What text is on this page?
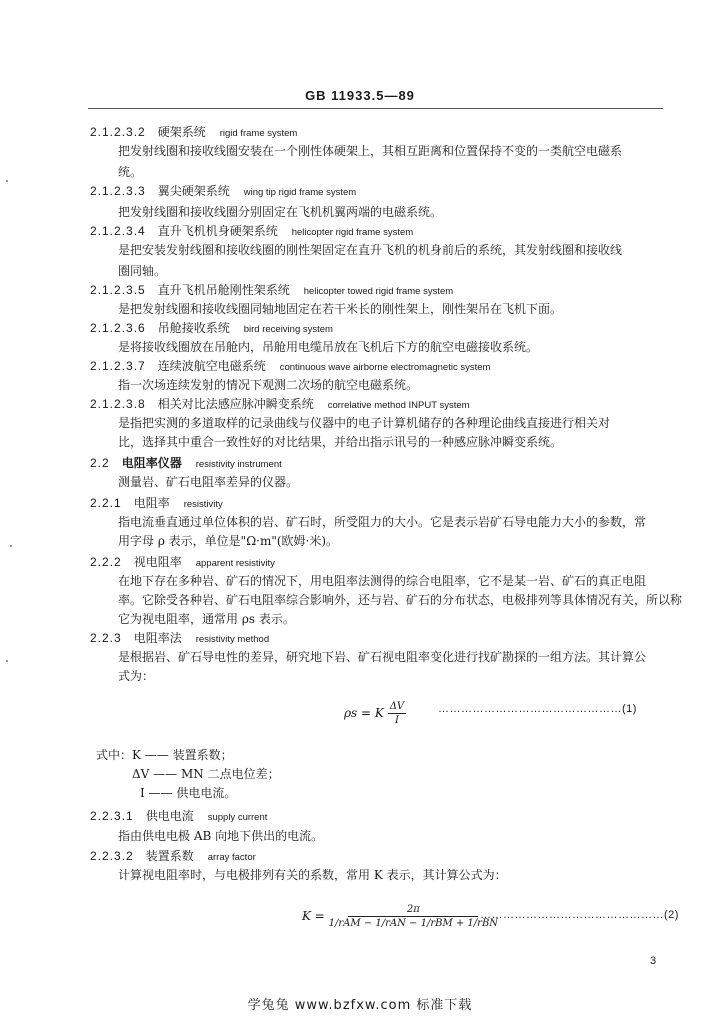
GB 11933.5—89
2.1.2.3.2  硬架系统 rigid frame system
把发射线圈和接收线圈安装在一个刚性体硬架上，其相互距离和位置保持不变的一类航空电磁系
统。
2.1.2.3.3  翼尖硬架系统 wing tip rigid frame system
把发射线圈和接收线圈分别固定在飞机机翼两端的电磁系统。
2.1.2.3.4  直升飞机机身硬架系统 helicopter rigid frame system
是把安装发射线圈和接收线圈的刚性架固定在直升飞机的机身前后的系统，其发射线圈和接收线
圈同轴。
2.1.2.3.5  直升飞机吊舱刚性架系统 helicopter towed rigid frame system
是把发射线圈和接收线圈同轴地固定在若干米长的刚性架上，刚性架吊在飞机下面。
2.1.2.3.6  吊舱接收系统 bird receiving system
是将接收线圈放在吊舱内，吊舱用电缆吊放在飞机后下方的航空电磁接收系统。
2.1.2.3.7  连续波航空电磁系统 continuous wave airborne electromagnetic system
指一次场连续发射的情况下观测二次场的航空电磁系统。
2.1.2.3.8  相关对比法感应脉冲瞬变系统 correlative method INPUT system
是指把实测的多道取样的记录曲线与仪器中的电子计算机储存的各种理论曲线直接进行相关对
比，选择其中重合一致性好的对比结果，并给出指示讯号的一种感应脉冲瞬变系统。
2.2  电阻率仪器 resistivity instrument
测量岩、矿石电阻率差异的仪器。
2.2.1  电阻率 resistivity
指电流垂直通过单位体积的岩、矿石时，所受阻力的大小。它是表示岩矿石导电能力大小的参数，常
用字母 ρ 表示，单位是"Ω·m"(欧姆·米)。
2.2.2  视电阻率 apparent resistivity
在地下存在多种岩、矿石的情况下，用电阻率法测得的综合电阻率，它不是某一岩、矿石的真正电阻
率。它除受各种岩、矿石电阻率综合影响外，还与岩、矿石的分布状态，电极排列等具体情况有关，所以称
它为视电阻率，通常用 ρs 表示。
2.2.3  电阻率法 resistivity method
是根据岩、矿石导电性的差异，研究地下岩、矿石视电阻率变化进行找矿勘探的一组方法。其计算公
式为：
ρs = K $\frac{\Delta V}{I}$	…………………………………………(1)
式中：K —— 装置系数；
ΔV —— MN 二点电位差；
I —— 供电电流。
2.2.3.1  供电电流 supply current
指由供电电极 AB 向地下供出的电流。
2.2.3.2  装置系数 array factor
计算视电阻率时，与电极排列有关的系数，常用 K 表示，其计算公式为：
$K = \frac{2\pi}{\text{1/rAM − 1/rAN − 1/rBM + 1/rBN}}$
…………………………………………(2)
3
学兔兔 www.bzfxw.com 标准下载
